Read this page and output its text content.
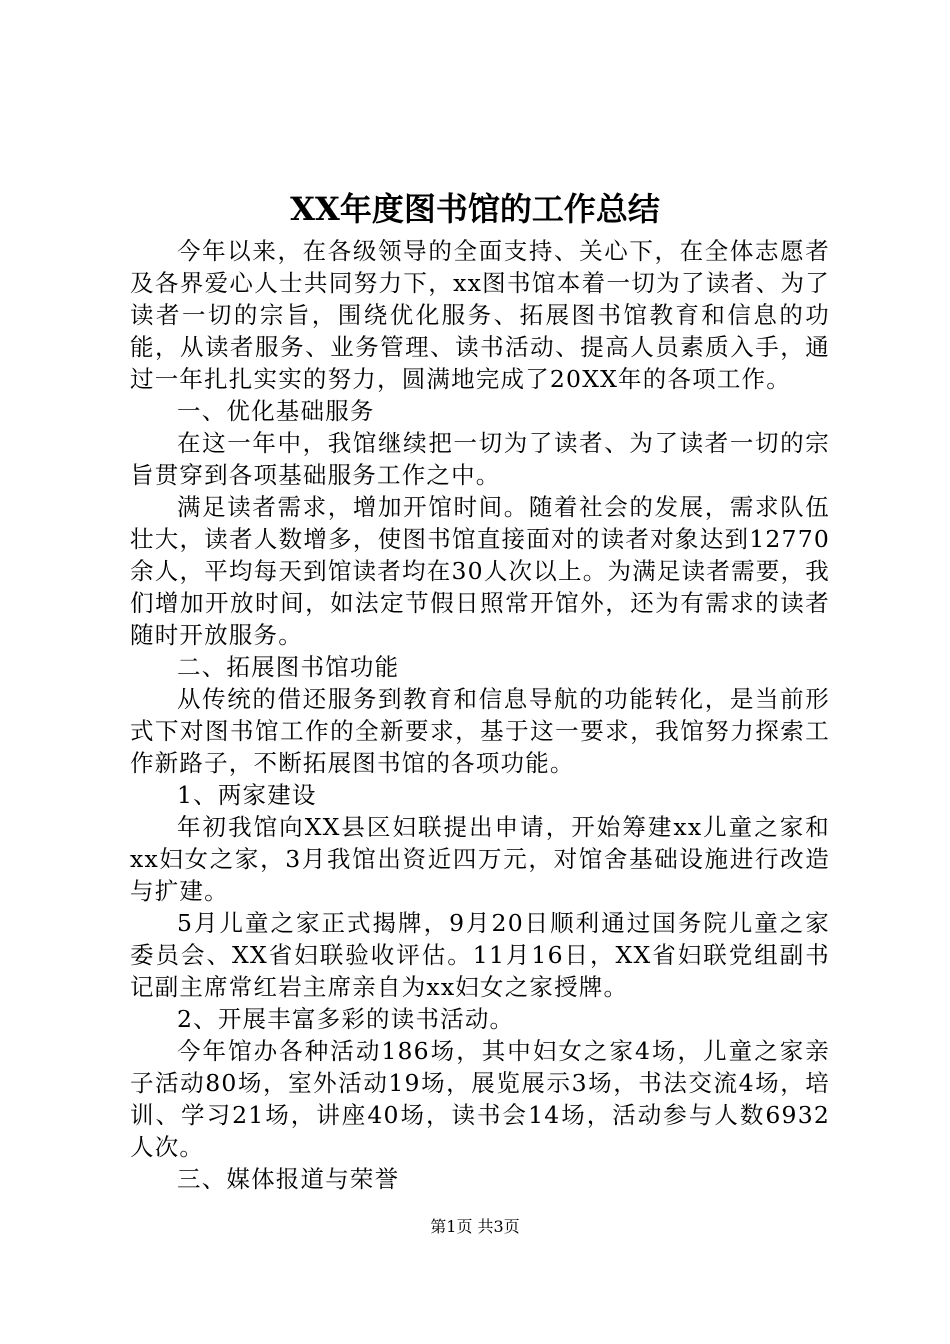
XX年度图书馆的工作总结

今年以来，在各级领导的全面支持、关心下，在全体志愿者及各界爱心人士共同努力下，xx图书馆本着一切为了读者、为了读者一切的宗旨，围绕优化服务、拓展图书馆教育和信息的功能，从读者服务、业务管理、读书活动、提高人员素质入手，通过一年扎扎实实的努力，圆满地完成了20XX年的各项工作。

一、优化基础服务

在这一年中，我馆继续把一切为了读者、为了读者一切的宗旨贯穿到各项基础服务工作之中。

满足读者需求，增加开馆时间。随着社会的发展，需求队伍壮大，读者人数增多，使图书馆直接面对的读者对象达到12770余人，平均每天到馆读者均在30人次以上。为满足读者需要，我们增加开放时间，如法定节假日照常开馆外，还为有需求的读者随时开放服务。

二、拓展图书馆功能

从传统的借还服务到教育和信息导航的功能转化，是当前形式下对图书馆工作的全新要求，基于这一要求，我馆努力探索工作新路子，不断拓展图书馆的各项功能。

1、两家建设

年初我馆向XX县区妇联提出申请，开始筹建xx儿童之家和xx妇女之家，3月我馆出资近四万元，对馆舍基础设施进行改造与扩建。

5月儿童之家正式揭牌，9月20日顺利通过国务院儿童之家委员会、XX省妇联验收评估。11月16日，XX省妇联党组副书记副主席常红岩主席亲自为xx妇女之家授牌。

2、开展丰富多彩的读书活动。

今年馆办各种活动186场，其中妇女之家4场，儿童之家亲子活动80场，室外活动19场，展览展示3场，书法交流4场，培训、学习21场，讲座40场，读书会14场，活动参与人数6932人次。

三、媒体报道与荣誉

第1页 共3页
